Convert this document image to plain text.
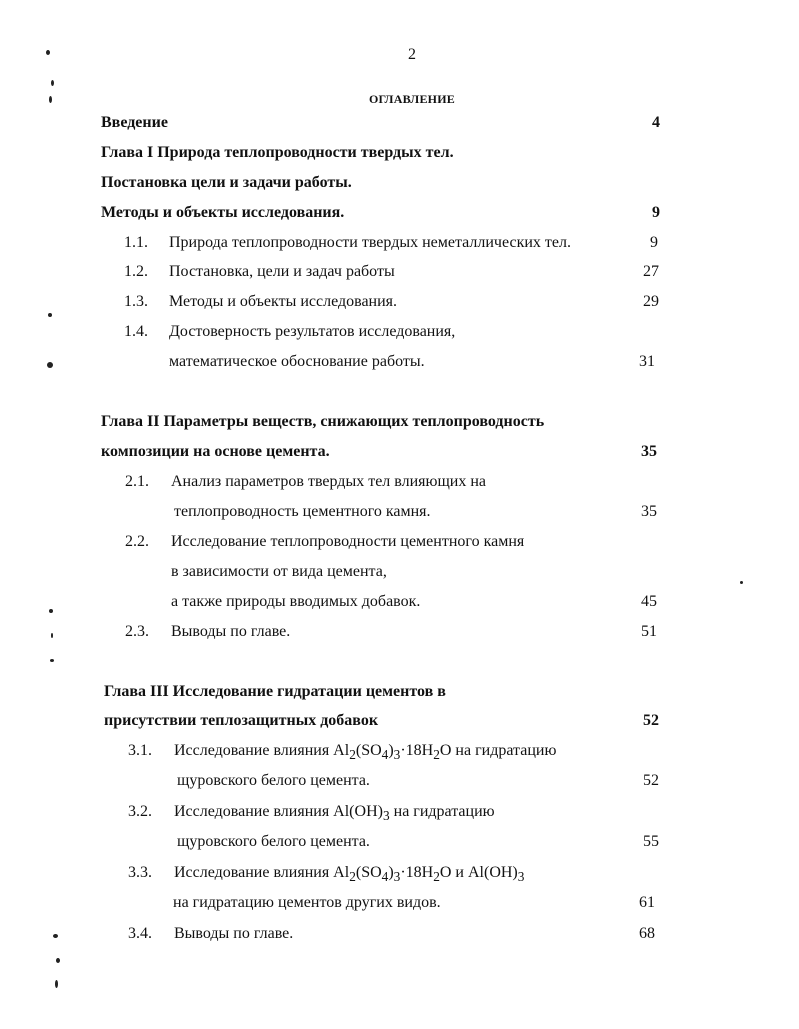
2
ОГЛАВЛЕНИЕ
Введение	4
Глава I Природа теплопроводности твердых тел.
Постановка цели и задачи работы.
Методы и объекты исследования.	9
1.1. Природа теплопроводности твердых неметаллических тел.	9
1.2. Постановка, цели и задач работы	27
1.3. Методы и объекты исследования.	29
1.4. Достоверность результатов исследования,
математическое обоснование работы.	31
Глава II Параметры веществ, снижающих теплопроводность
композиции на основе цемента.	35
2.1. Анализ параметров твердых тел влияющих на
теплопроводность цементного камня.	35
2.2. Исследование теплопроводности цементного камня
в зависимости от вида цемента,
а также природы вводимых добавок.	45
2.3. Выводы по главе.	51
Глава III Исследование гидратации цементов в
присутствии теплозащитных добавок	52
3.1. Исследование влияния $Al_2(SO_4)_3\cdot 18H_2O$ на гидратацию
щуровского белого цемента.	52
3.2. Исследование влияния $Al(OH)_3$ на гидратацию
щуровского белого цемента.	55
3.3. Исследование влияния $Al_2(SO_4)_3\cdot 18H_2O$ и $Al(OH)_3$
на гидратацию цементов других видов.	61
3.4. Выводы по главе.	68
